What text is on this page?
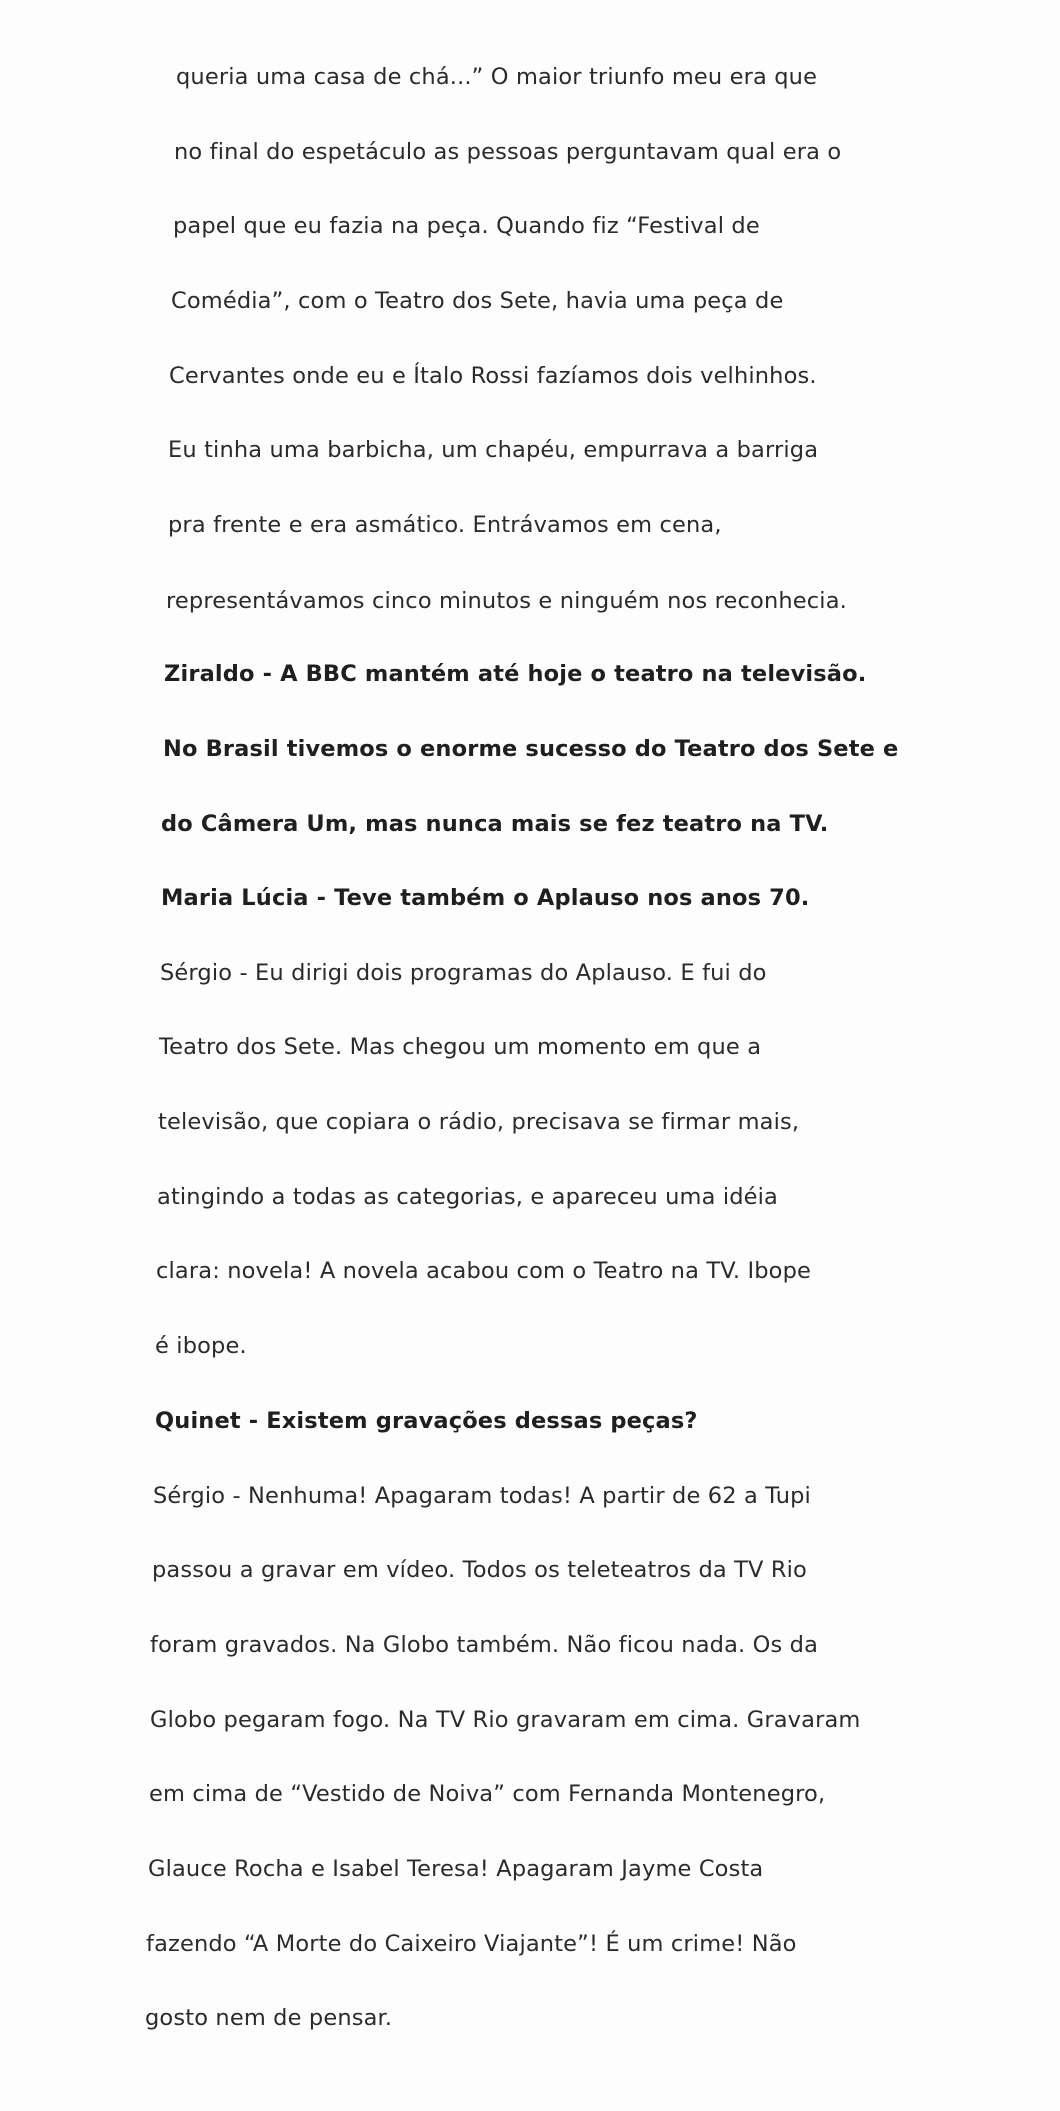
queria uma casa de chá...” O maior triunfo meu era que
no final do espetáculo as pessoas perguntavam qual era o
papel que eu fazia na peça. Quando fiz “Festival de
Comédia”, com o Teatro dos Sete, havia uma peça de
Cervantes onde eu e Ítalo Rossi fazíamos dois velhinhos.
Eu tinha uma barbicha, um chapéu, empurrava a barriga
pra frente e era asmático. Entrávamos em cena,
representávamos cinco minutos e ninguém nos reconhecia.
Ziraldo - A BBC mantém até hoje o teatro na televisão.
No Brasil tivemos o enorme sucesso do Teatro dos Sete e
do Câmera Um, mas nunca mais se fez teatro na TV.
Maria Lúcia - Teve também o Aplauso nos anos 70.
Sérgio - Eu dirigi dois programas do Aplauso. E fui do
Teatro dos Sete. Mas chegou um momento em que a
televisão, que copiara o rádio, precisava se firmar mais,
atingindo a todas as categorias, e apareceu uma idéia
clara: novela! A novela acabou com o Teatro na TV. Ibope
é ibope.
Quinet - Existem gravações dessas peças?
Sérgio - Nenhuma! Apagaram todas! A partir de 62 a Tupi
passou a gravar em vídeo. Todos os teleteatros da TV Rio
foram gravados. Na Globo também. Não ficou nada. Os da
Globo pegaram fogo. Na TV Rio gravaram em cima. Gravaram
em cima de “Vestido de Noiva” com Fernanda Montenegro,
Glauce Rocha e Isabel Teresa! Apagaram Jayme Costa
fazendo “A Morte do Caixeiro Viajante”! É um crime! Não
gosto nem de pensar.
